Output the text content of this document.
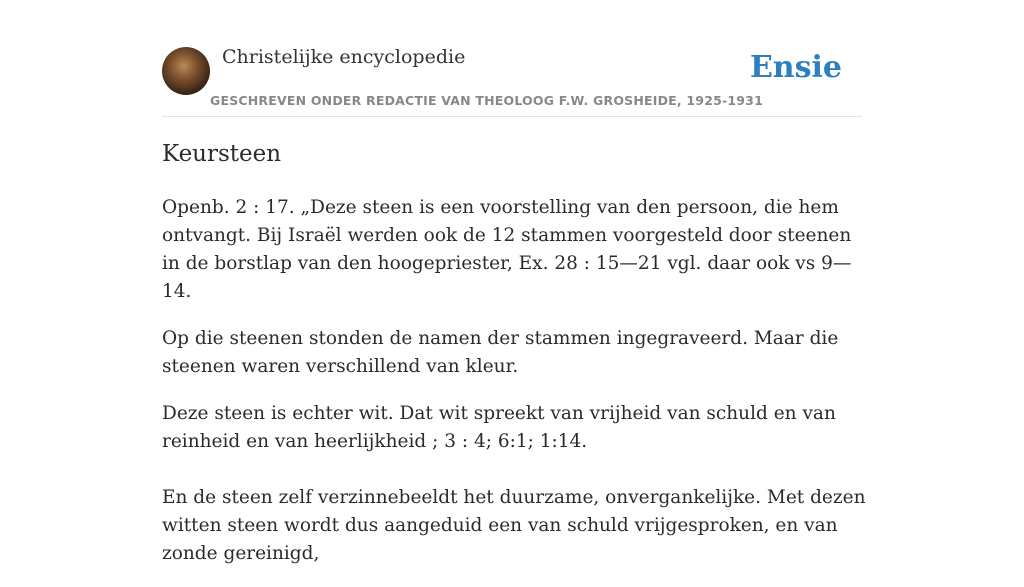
Christelijke encyclopedie
GESCHREVEN ONDER REDACTIE VAN THEOLOOG F.W. GROSHEIDE, 1925-1931
Ensie
Keursteen

Openb. 2 : 17. „Deze steen is een voorstelling van den persoon, die hem ontvangt. Bij Israël werden ook de 12 stammen voorgesteld door steenen in de borstlap van den hoogepriester, Ex. 28 : 15—21 vgl. daar ook vs 9—14.

Op die steenen stonden de namen der stammen ingegraveerd. Maar die steenen waren verschillend van kleur.

Deze steen is echter wit. Dat wit spreekt van vrijheid van schuld en van reinheid en van heerlijkheid ; 3 : 4; 6:1; 1:14.

En de steen zelf verzinnebeeldt het duurzame, onvergankelijke. Met dezen witten steen wordt dus aangeduid een van schuld vrijgesproken, en van zonde gereinigd,
